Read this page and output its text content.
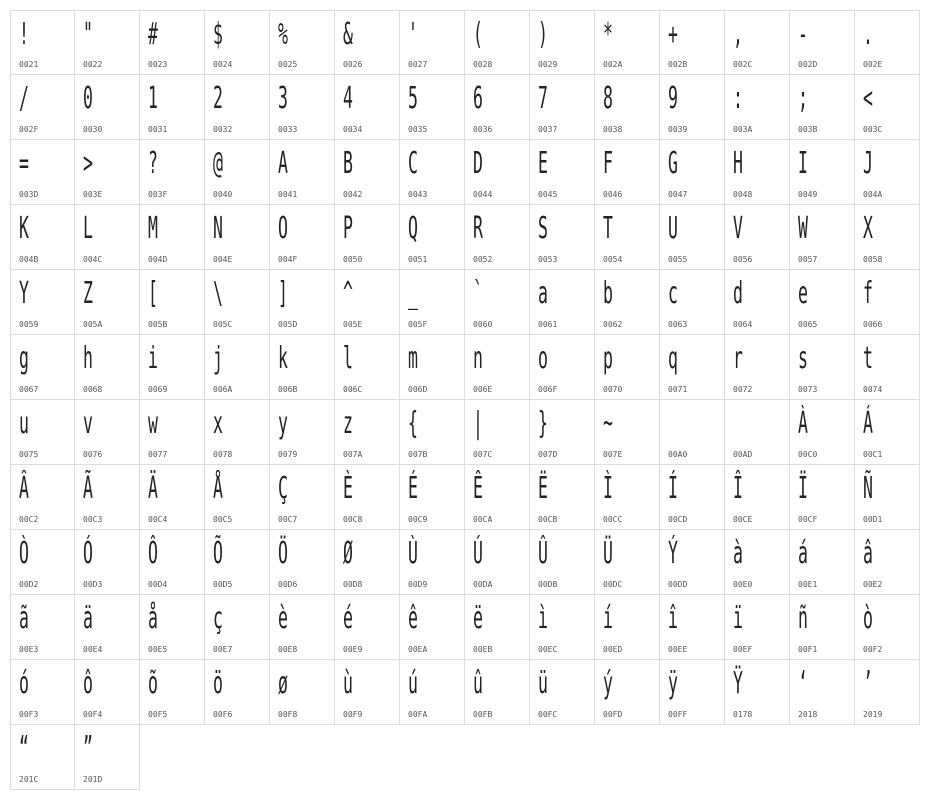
!
0021
"
0022
#
0023
$
0024
%
0025
&
0026
'
0027
(
0028
)
0029
*
002A
+
002B
,
002C
-
002D
.
002E
/
002F
0
0030
1
0031
2
0032
3
0033
4
0034
5
0035
6
0036
7
0037
8
0038
9
0039
:
003A
;
003B
<
003C
=
003D
>
003E
?
003F
@
0040
A
0041
B
0042
C
0043
D
0044
E
0045
F
0046
G
0047
H
0048
I
0049
J
004A
K
004B
L
004C
M
004D
N
004E
O
004F
P
0050
Q
0051
R
0052
S
0053
T
0054
U
0055
V
0056
W
0057
X
0058
Y
0059
Z
005A
[
005B
\
005C
]
005D
^
005E
_
005F
`
0060
a
0061
b
0062
c
0063
d
0064
e
0065
f
0066
g
0067
h
0068
i
0069
j
006A
k
006B
l
006C
m
006D
n
006E
o
006F
p
0070
q
0071
r
0072
s
0073
t
0074
u
0075
v
0076
w
0077
x
0078
y
0079
z
007A
{
007B
|
007C
}
007D
~
007E	00A0	00AD
À
00C0
Á
00C1
Â
00C2
Ã
00C3
Ä
00C4
Å
00C5
Ç
00C7
È
00C8
É
00C9
Ê
00CA
Ë
00CB
Ì
00CC
Í
00CD
Î
00CE
Ï
00CF
Ñ
00D1
Ò
00D2
Ó
00D3
Ô
00D4
Õ
00D5
Ö
00D6
Ø
00D8
Ù
00D9
Ú
00DA
Û
00DB
Ü
00DC
Ý
00DD
à
00E0
á
00E1
â
00E2
ã
00E3
ä
00E4
å
00E5
ç
00E7
è
00E8
é
00E9
ê
00EA
ë
00EB
ì
00EC
í
00ED
î
00EE
ï
00EF
ñ
00F1
ò
00F2
ó
00F3
ô
00F4
õ
00F5
ö
00F6
ø
00F8
ù
00F9
ú
00FA
û
00FB
ü
00FC
ý
00FD
ÿ
00FF
Ÿ
0178
‘
2018
’
2019
“
201C
”
201D
